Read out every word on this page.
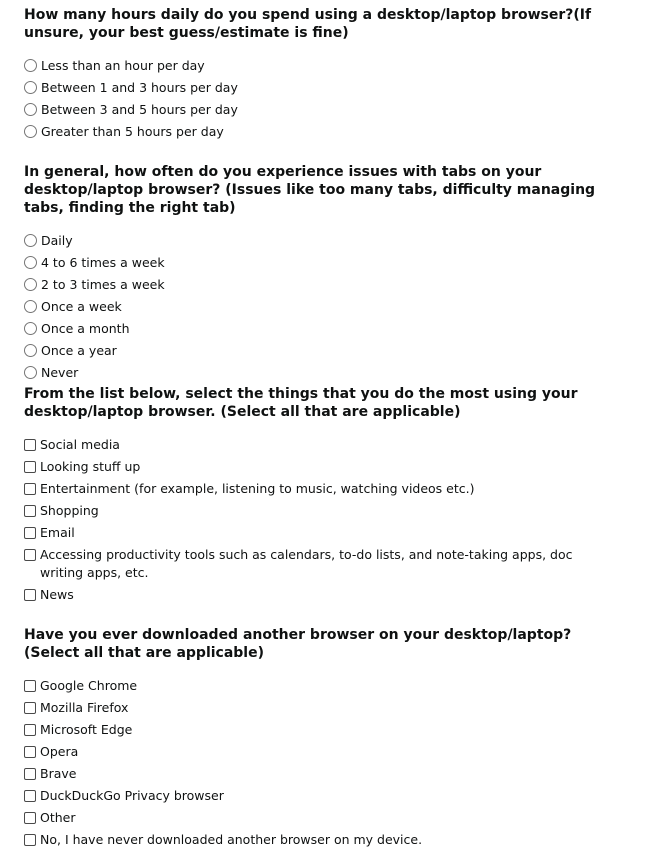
How many hours daily do you spend using a desktop/laptop browser?(If unsure, your best guess/estimate is fine)

Less than an hour per day
Between 1 and 3 hours per day
Between 3 and 5 hours per day
Greater than 5 hours per day

In general, how often do you experience issues with tabs on your desktop/laptop browser? (Issues like too many tabs, difficulty managing tabs, finding the right tab)

Daily
4 to 6 times a week
2 to 3 times a week
Once a week
Once a month
Once a year
Never

From the list below, select the things that you do the most using your desktop/laptop browser. (Select all that are applicable)

Social media
Looking stuff up
Entertainment (for example, listening to music, watching videos etc.)
Shopping
Email
Accessing productivity tools such as calendars, to-do lists, and note-taking apps, doc writing apps, etc.
News

Have you ever downloaded another browser on your desktop/laptop? (Select all that are applicable)

Google Chrome
Mozilla Firefox
Microsoft Edge
Opera
Brave
DuckDuckGo Privacy browser
Other
No, I have never downloaded another browser on my device.
